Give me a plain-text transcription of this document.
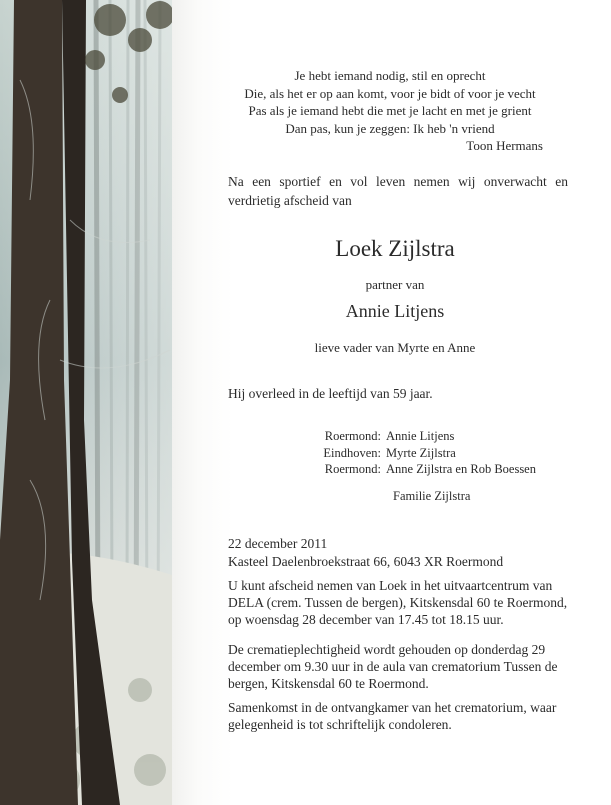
Je hebt iemand nodig, stil en oprecht
Die, als het er op aan komt, voor je bidt of voor je vecht
Pas als je iemand hebt die met je lacht en met je grient
Dan pas, kun je zeggen: Ik heb 'n vriend
Toon Hermans
Na een sportief en vol leven nemen wij onverwacht en verdrietig afscheid van
Loek Zijlstra
partner van
Annie Litjens
lieve vader van Myrte en Anne
Hij overleed in de leeftijd van 59 jaar.
Roermond: Annie Litjens
Eindhoven: Myrte Zijlstra
Roermond: Anne Zijlstra en Rob Boessen
Familie Zijlstra
22 december 2011
Kasteel Daelenbroekstraat 66, 6043 XR Roermond
U kunt afscheid nemen van Loek in het uitvaartcentrum van DELA (crem. Tussen de bergen), Kitskensdal 60 te Roermond, op woensdag 28 december van 17.45 tot 18.15 uur.
De crematieplechtigheid wordt gehouden op donderdag 29 december om 9.30 uur in de aula van crematorium Tussen de bergen, Kitskensdal 60 te Roermond.
Samenkomst in de ontvangkamer van het crematorium, waar gelegenheid is tot schriftelijk condoleren.
